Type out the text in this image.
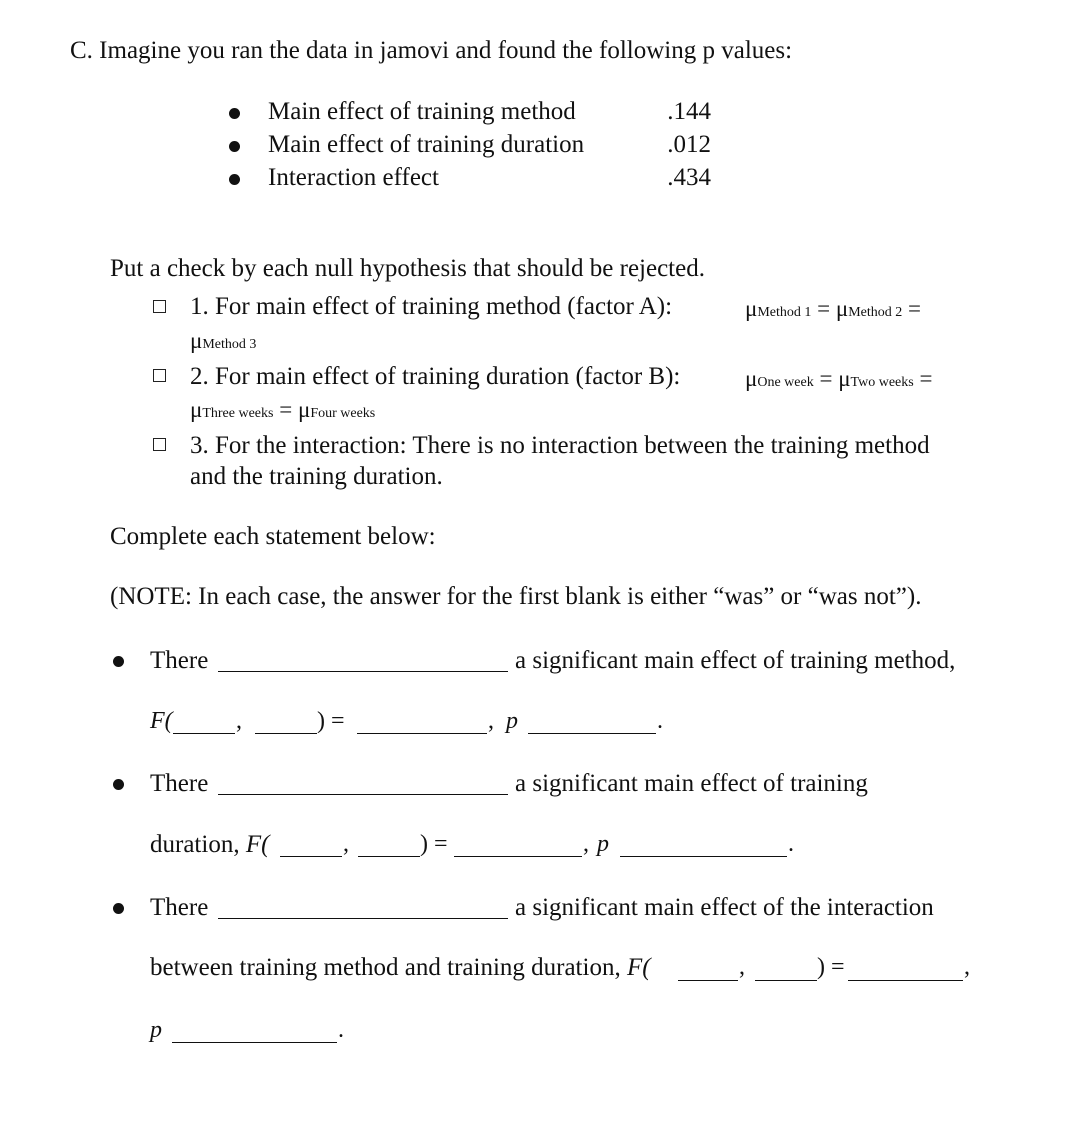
C. Imagine you ran the data in jamovi and found the following p values:
Main effect of training method	.144
Main effect of training duration	.012
Interaction effect	.434
Put a check by each null hypothesis that should be rejected.
1. For main effect of training method (factor A):	μMethod 1 = μMethod 2 =
μMethod 3
2. For main effect of training duration (factor B):	μOne week = μTwo weeks =
μThree weeks = μFour weeks
3. For the interaction: There is no interaction between the training method
and the training duration.
Complete each statement below:
(NOTE: In each case, the answer for the first blank is either “was” or “was not”).
There	a significant main effect of training method,
F(	,	) =	, p	.
There	a significant main effect of training
duration, F(	,	) =	, p	.
There	a significant main effect of the interaction
between training method and training duration, F(	,	) =	,
p	.
